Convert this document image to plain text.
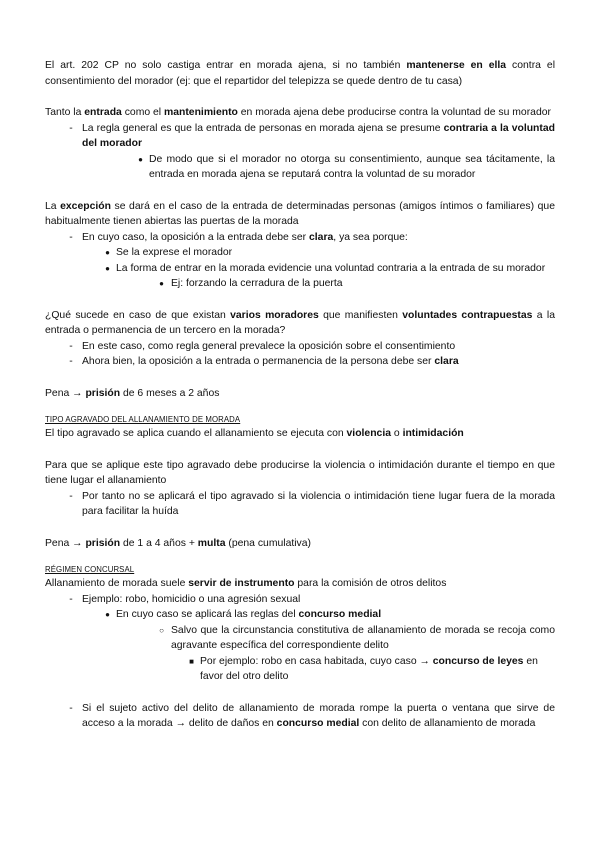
El art. 202 CP no solo castiga entrar en morada ajena, si no también mantenerse en ella contra el consentimiento del morador (ej: que el repartidor del telepizza se quede dentro de tu casa)

Tanto la entrada como el mantenimiento en morada ajena debe producirse contra la voluntad de su morador

- La regla general es que la entrada de personas en morada ajena se presume contraria a la voluntad del morador
● De modo que si el morador no otorga su consentimiento, aunque sea tácitamente, la entrada en morada ajena se reputará contra la voluntad de su morador

La excepción se dará en el caso de la entrada de determinadas personas (amigos íntimos o familiares) que habitualmente tienen abiertas las puertas de la morada

- En cuyo caso, la oposición a la entrada debe ser clara, ya sea porque:
● Se la exprese el morador
● La forma de entrar en la morada evidencie una voluntad contraria a la entrada de su morador
● Ej: forzando la cerradura de la puerta

¿Qué sucede en caso de que existan varios moradores que manifiesten voluntades contrapuestas a la entrada o permanencia de un tercero en la morada?

- En este caso, como regla general prevalece la oposición sobre el consentimiento
- Ahora bien, la oposición a la entrada o permanencia de la persona debe ser clara

Pena → prisión de 6 meses a 2 años

TIPO AGRAVADO DEL ALLANAMIENTO DE MORADA

El tipo agravado se aplica cuando el allanamiento se ejecuta con violencia o intimidación

Para que se aplique este tipo agravado debe producirse la violencia o intimidación durante el tiempo en que tiene lugar el allanamiento

- Por tanto no se aplicará el tipo agravado si la violencia o intimidación tiene lugar fuera de la morada para facilitar la huída

Pena → prisión de 1 a 4 años + multa (pena cumulativa)

RÉGIMEN CONCURSAL

Allanamiento de morada suele servir de instrumento para la comisión de otros delitos

- Ejemplo: robo, homicidio o una agresión sexual
● En cuyo caso se aplicará las reglas del concurso medial
○ Salvo que la circunstancia constitutiva de allanamiento de morada se recoja como agravante específica del correspondiente delito
■ Por ejemplo: robo en casa habitada, cuyo caso → concurso de leyes en favor del otro delito
- Si el sujeto activo del delito de allanamiento de morada rompe la puerta o ventana que sirve de acceso a la morada → delito de daños en concurso medial con delito de allanamiento de morada
